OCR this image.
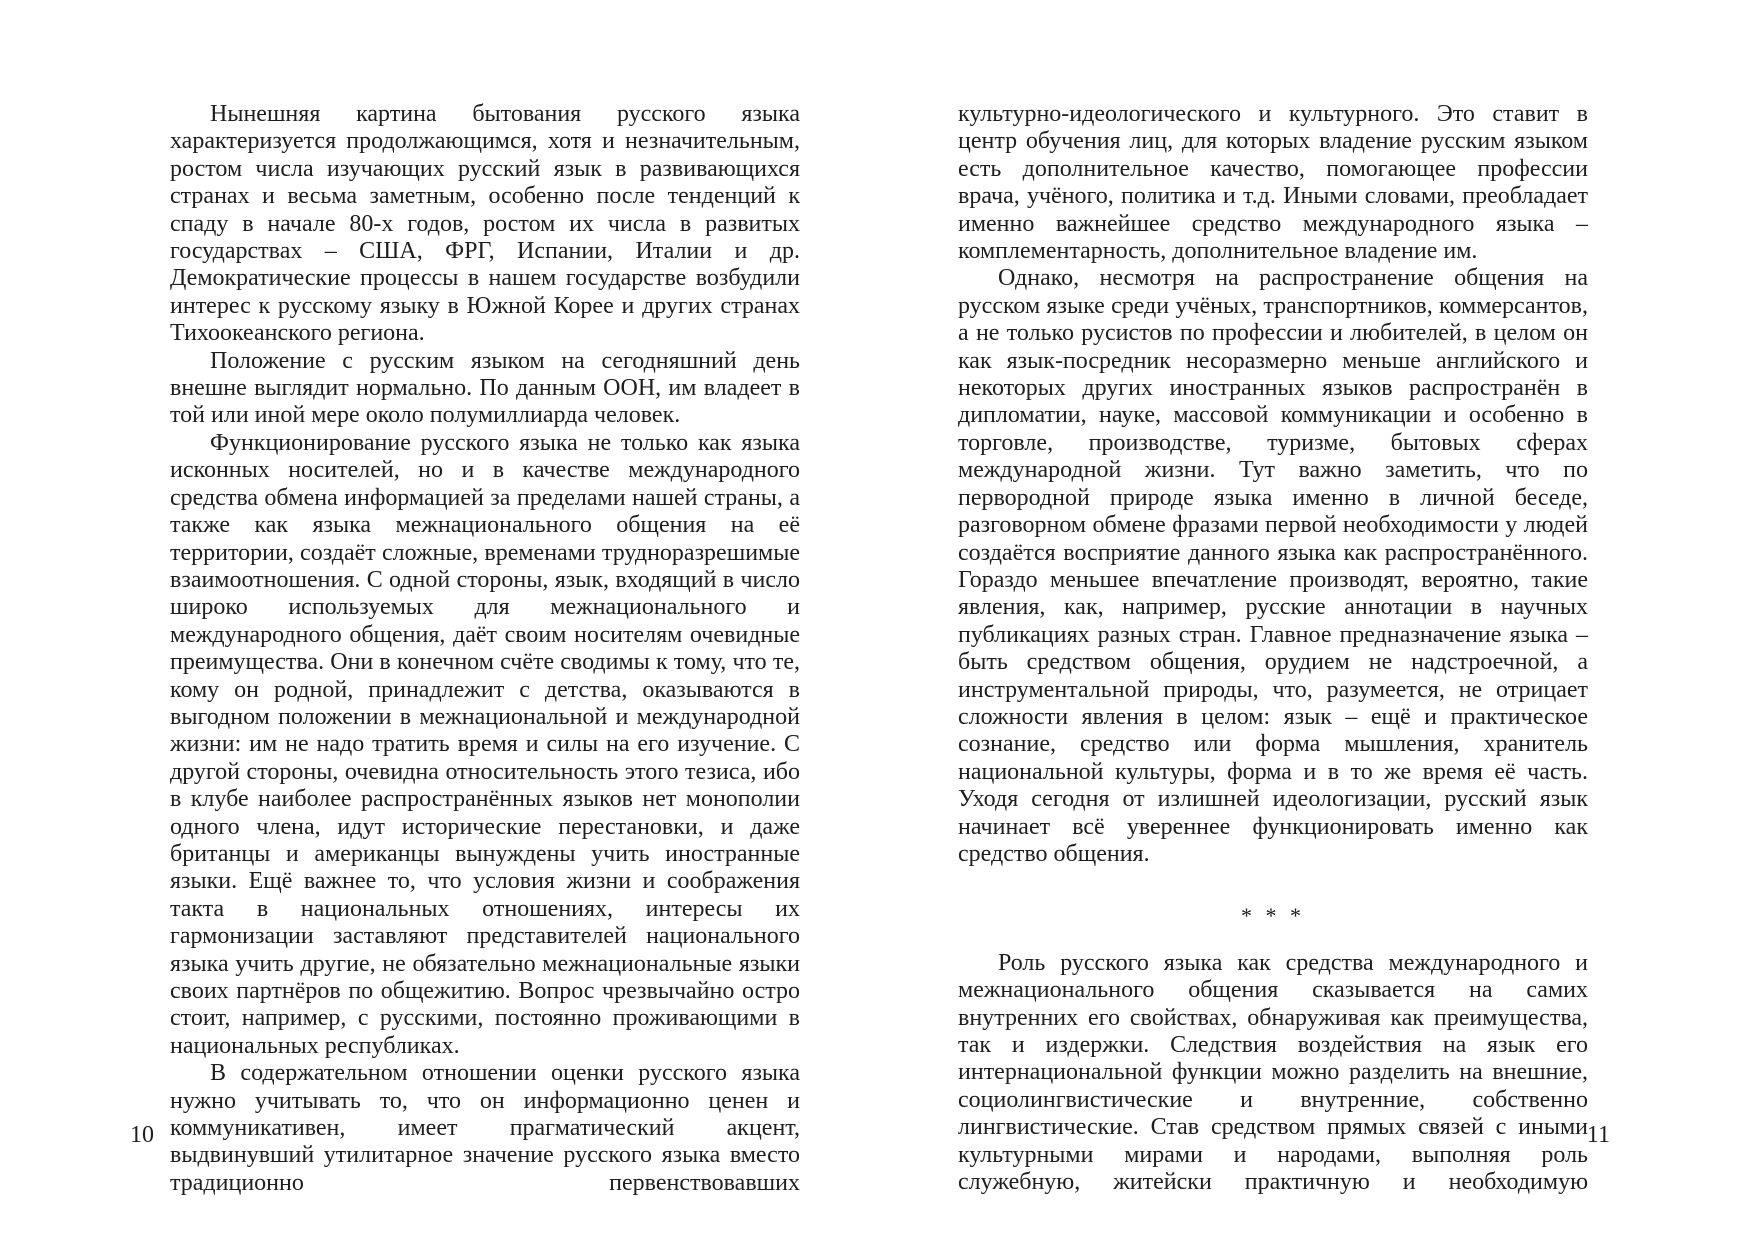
Нынешняя картина бытования русского языка характеризуется продолжающимся, хотя и незначительным, ростом числа изучающих русский язык в развивающихся странах и весьма заметным, особенно после тенденций к спаду в начале 80-х годов, ростом их числа в развитых государствах – США, ФРГ, Испании, Италии и др. Демократические процессы в нашем государстве возбудили интерес к русскому языку в Южной Корее и других странах Тихоокеанского региона.

Положение с русским языком на сегодняшний день внешне выглядит нормально. По данным ООН, им владеет в той или иной мере около полумиллиарда человек.

Функционирование русского языка не только как языка исконных носителей, но и в качестве международного средства обмена информацией за пределами нашей страны, а также как языка межнационального общения на её территории, создаёт сложные, временами трудноразрешимые взаимоотношения. С одной стороны, язык, входящий в число широко используемых для межнационального и международного общения, даёт своим носителям очевидные преимущества. Они в конечном счёте сводимы к тому, что те, кому он родной, принадлежит с детства, оказываются в выгодном положении в межнациональной и международной жизни: им не надо тратить время и силы на его изучение. С другой стороны, очевидна относительность этого тезиса, ибо в клубе наиболее распространённых языков нет монополии одного члена, идут исторические перестановки, и даже британцы и американцы вынуждены учить иностранные языки. Ещё важнее то, что условия жизни и соображения такта в национальных отношениях, интересы их гармонизации заставляют представителей национального языка учить другие, не обязательно межнациональные языки своих партнёров по общежитию. Вопрос чрезвычайно остро стоит, например, с русскими, постоянно проживающими в национальных республиках.

В содержательном отношении оценки русского языка нужно учитывать то, что он информационно ценен и коммуникативен, имеет прагматический акцент, выдвинувший утилитарное значение русского языка вместо традиционно первенствовавших

10

культурно-идеологического и культурного. Это ставит в центр обучения лиц, для которых владение русским языком есть дополнительное качество, помогающее профессии врача, учёного, политика и т.д. Иными словами, преобладает именно важнейшее средство международного языка – комплементарность, дополнительное владение им.

Однако, несмотря на распространение общения на русском языке среди учёных, транспортников, коммерсантов, а не только русистов по профессии и любителей, в целом он как язык-посредник несоразмерно меньше английского и некоторых других иностранных языков распространён в дипломатии, науке, массовой коммуникации и особенно в торговле, производстве, туризме, бытовых сферах международной жизни. Тут важно заметить, что по первородной природе языка именно в личной беседе, разговорном обмене фразами первой необходимости у людей создаётся восприятие данного языка как распространённого. Гораздо меньшее впечатление производят, вероятно, такие явления, как, например, русские аннотации в научных публикациях разных стран. Главное предназначение языка – быть средством общения, орудием не надстроечной, а инструментальной природы, что, разумеется, не отрицает сложности явления в целом: язык – ещё и практическое сознание, средство или форма мышления, хранитель национальной культуры, форма и в то же время её часть. Уходя сегодня от излишней идеологизации, русский язык начинает всё увереннее функционировать именно как средство общения.

* * *

Роль русского языка как средства международного и межнационального общения сказывается на самих внутренних его свойствах, обнаруживая как преимущества, так и издержки. Следствия воздействия на язык его интернациональной функции можно разделить на внешние, социолингвистические и внутренние, собственно лингвистические. Став средством прямых связей с иными культурными мирами и народами, выполняя роль служебную, житейски практичную и необходимую

11
